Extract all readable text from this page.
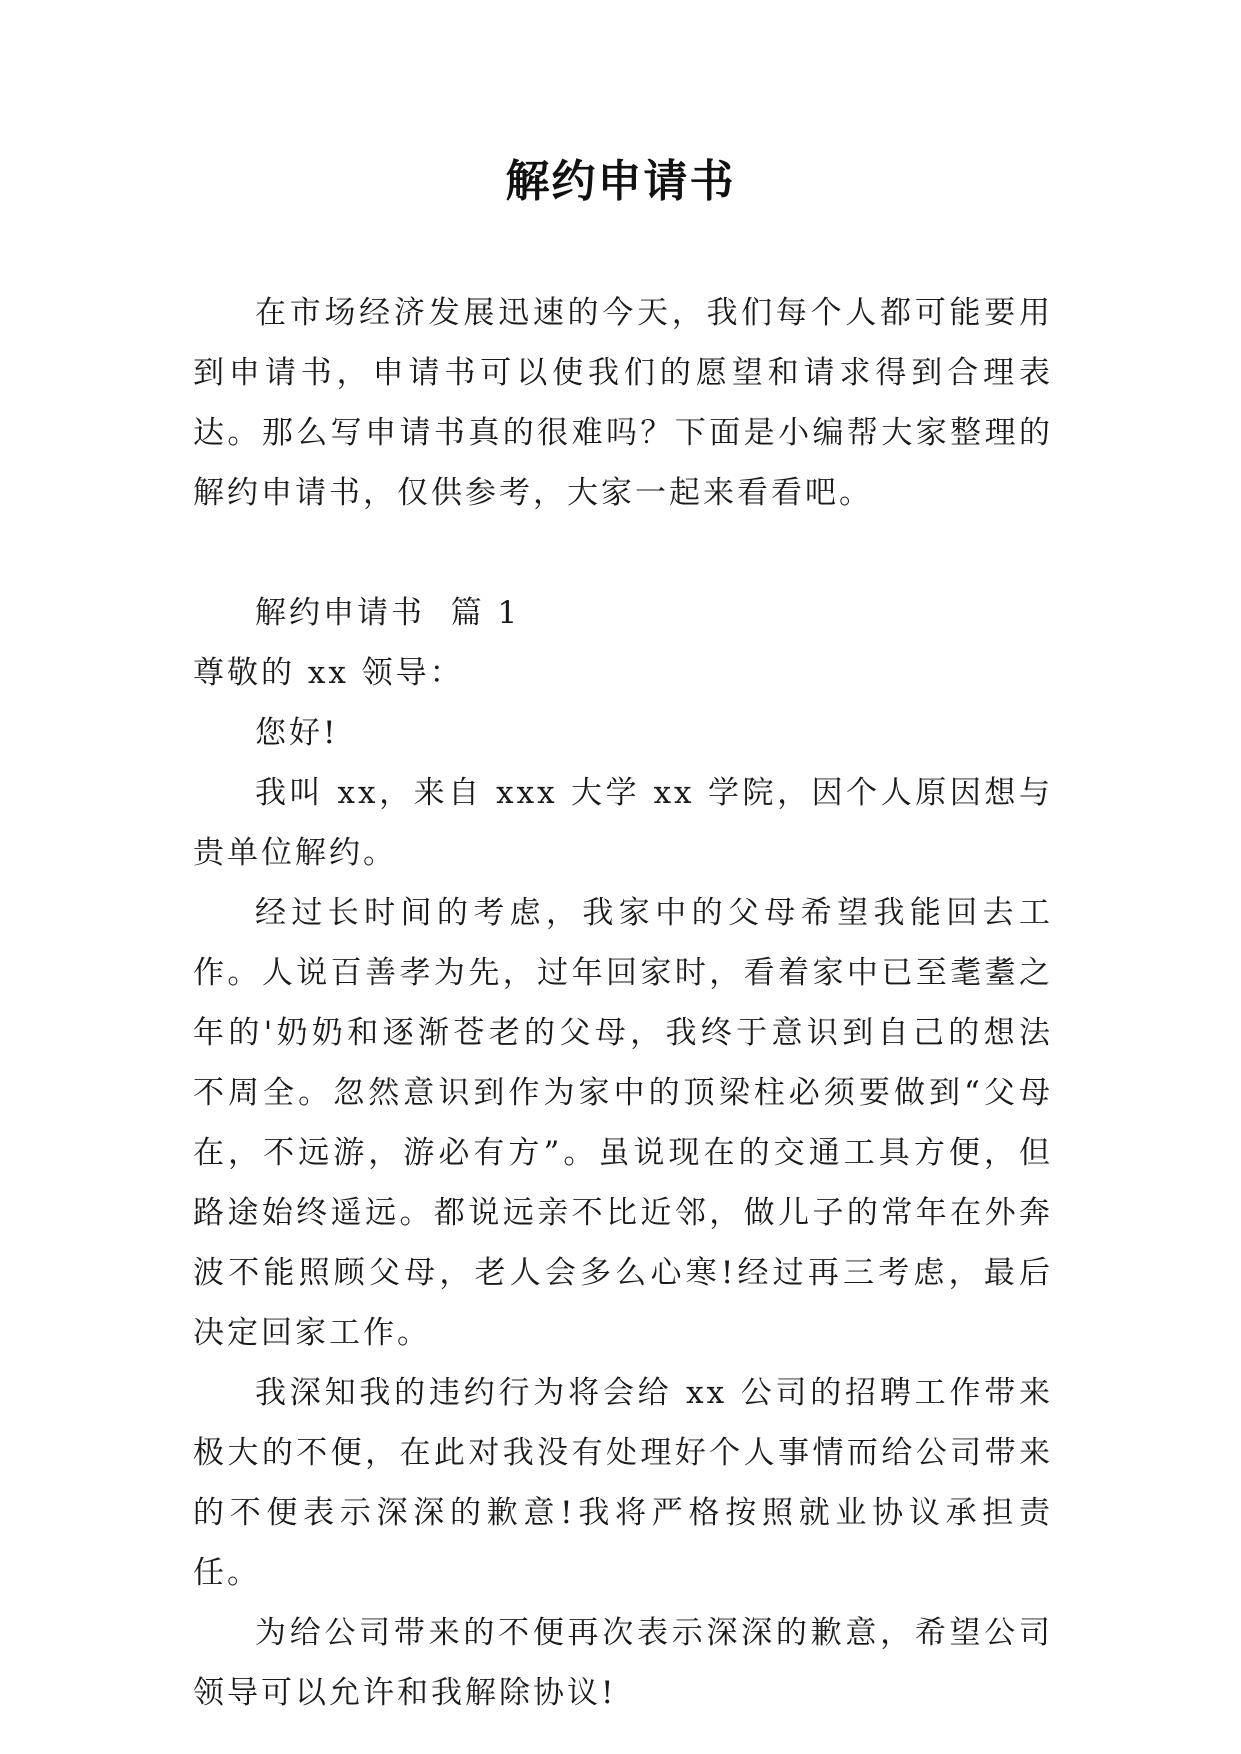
解约申请书

在市场经济发展迅速的今天，我们每个人都可能要用到申请书，申请书可以使我们的愿望和请求得到合理表达。那么写申请书真的很难吗？下面是小编帮大家整理的解约申请书，仅供参考，大家一起来看看吧。

解约申请书  篇 1

尊敬的 xx 领导：

您好!

我叫 xx，来自 xxx 大学 xx 学院，因个人原因想与贵单位解约。

经过长时间的考虑，我家中的父母希望我能回去工作。人说百善孝为先，过年回家时，看着家中已至耄耋之年的'奶奶和逐渐苍老的父母，我终于意识到自己的想法不周全。忽然意识到作为家中的顶梁柱必须要做到“父母在，不远游，游必有方”。虽说现在的交通工具方便，但路途始终遥远。都说远亲不比近邻，做儿子的常年在外奔波不能照顾父母，老人会多么心寒!经过再三考虑，最后决定回家工作。

我深知我的违约行为将会给 xx 公司的招聘工作带来极大的不便，在此对我没有处理好个人事情而给公司带来的不便表示深深的歉意!我将严格按照就业协议承担责任。

为给公司带来的不便再次表示深深的歉意，希望公司领导可以允许和我解除协议!
